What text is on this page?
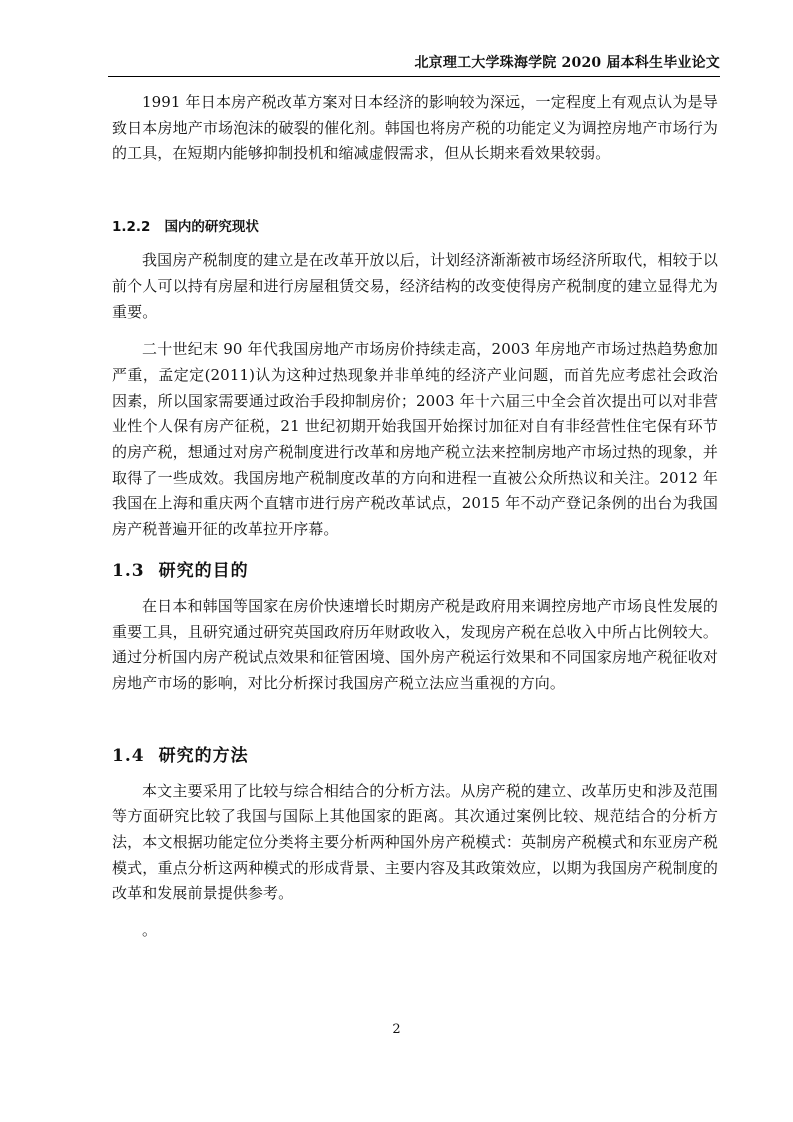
北京理工大学珠海学院 2020 届本科生毕业论文

1991 年日本房产税改革方案对日本经济的影响较为深远，一定程度上有观点认为是导致日本房地产市场泡沫的破裂的催化剂。韩国也将房产税的功能定义为调控房地产市场行为的工具，在短期内能够抑制投机和缩减虚假需求，但从长期来看效果较弱。

1.2.2 国内的研究现状

我国房产税制度的建立是在改革开放以后，计划经济渐渐被市场经济所取代，相较于以前个人可以持有房屋和进行房屋租赁交易，经济结构的改变使得房产税制度的建立显得尤为重要。

二十世纪末 90 年代我国房地产市场房价持续走高，2003 年房地产市场过热趋势愈加严重，孟定定(2011)认为这种过热现象并非单纯的经济产业问题，而首先应考虑社会政治因素，所以国家需要通过政治手段抑制房价；2003 年十六届三中全会首次提出可以对非营业性个人保有房产征税，21 世纪初期开始我国开始探讨加征对自有非经营性住宅保有环节的房产税，想通过对房产税制度进行改革和房地产税立法来控制房地产市场过热的现象，并取得了一些成效。我国房地产税制度改革的方向和进程一直被公众所热议和关注。2012 年我国在上海和重庆两个直辖市进行房产税改革试点，2015 年不动产登记条例的出台为我国房产税普遍开征的改革拉开序幕。

1.3 研究的目的

在日本和韩国等国家在房价快速增长时期房产税是政府用来调控房地产市场良性发展的重要工具，且研究通过研究英国政府历年财政收入，发现房产税在总收入中所占比例较大。通过分析国内房产税试点效果和征管困境、国外房产税运行效果和不同国家房地产税征收对房地产市场的影响，对比分析探讨我国房产税立法应当重视的方向。

1.4 研究的方法

本文主要采用了比较与综合相结合的分析方法。从房产税的建立、改革历史和涉及范围等方面研究比较了我国与国际上其他国家的距离。其次通过案例比较、规范结合的分析方法，本文根据功能定位分类将主要分析两种国外房产税模式：英制房产税模式和东亚房产税模式，重点分析这两种模式的形成背景、主要内容及其政策效应，以期为我国房产税制度的改革和发展前景提供参考。

。

2
